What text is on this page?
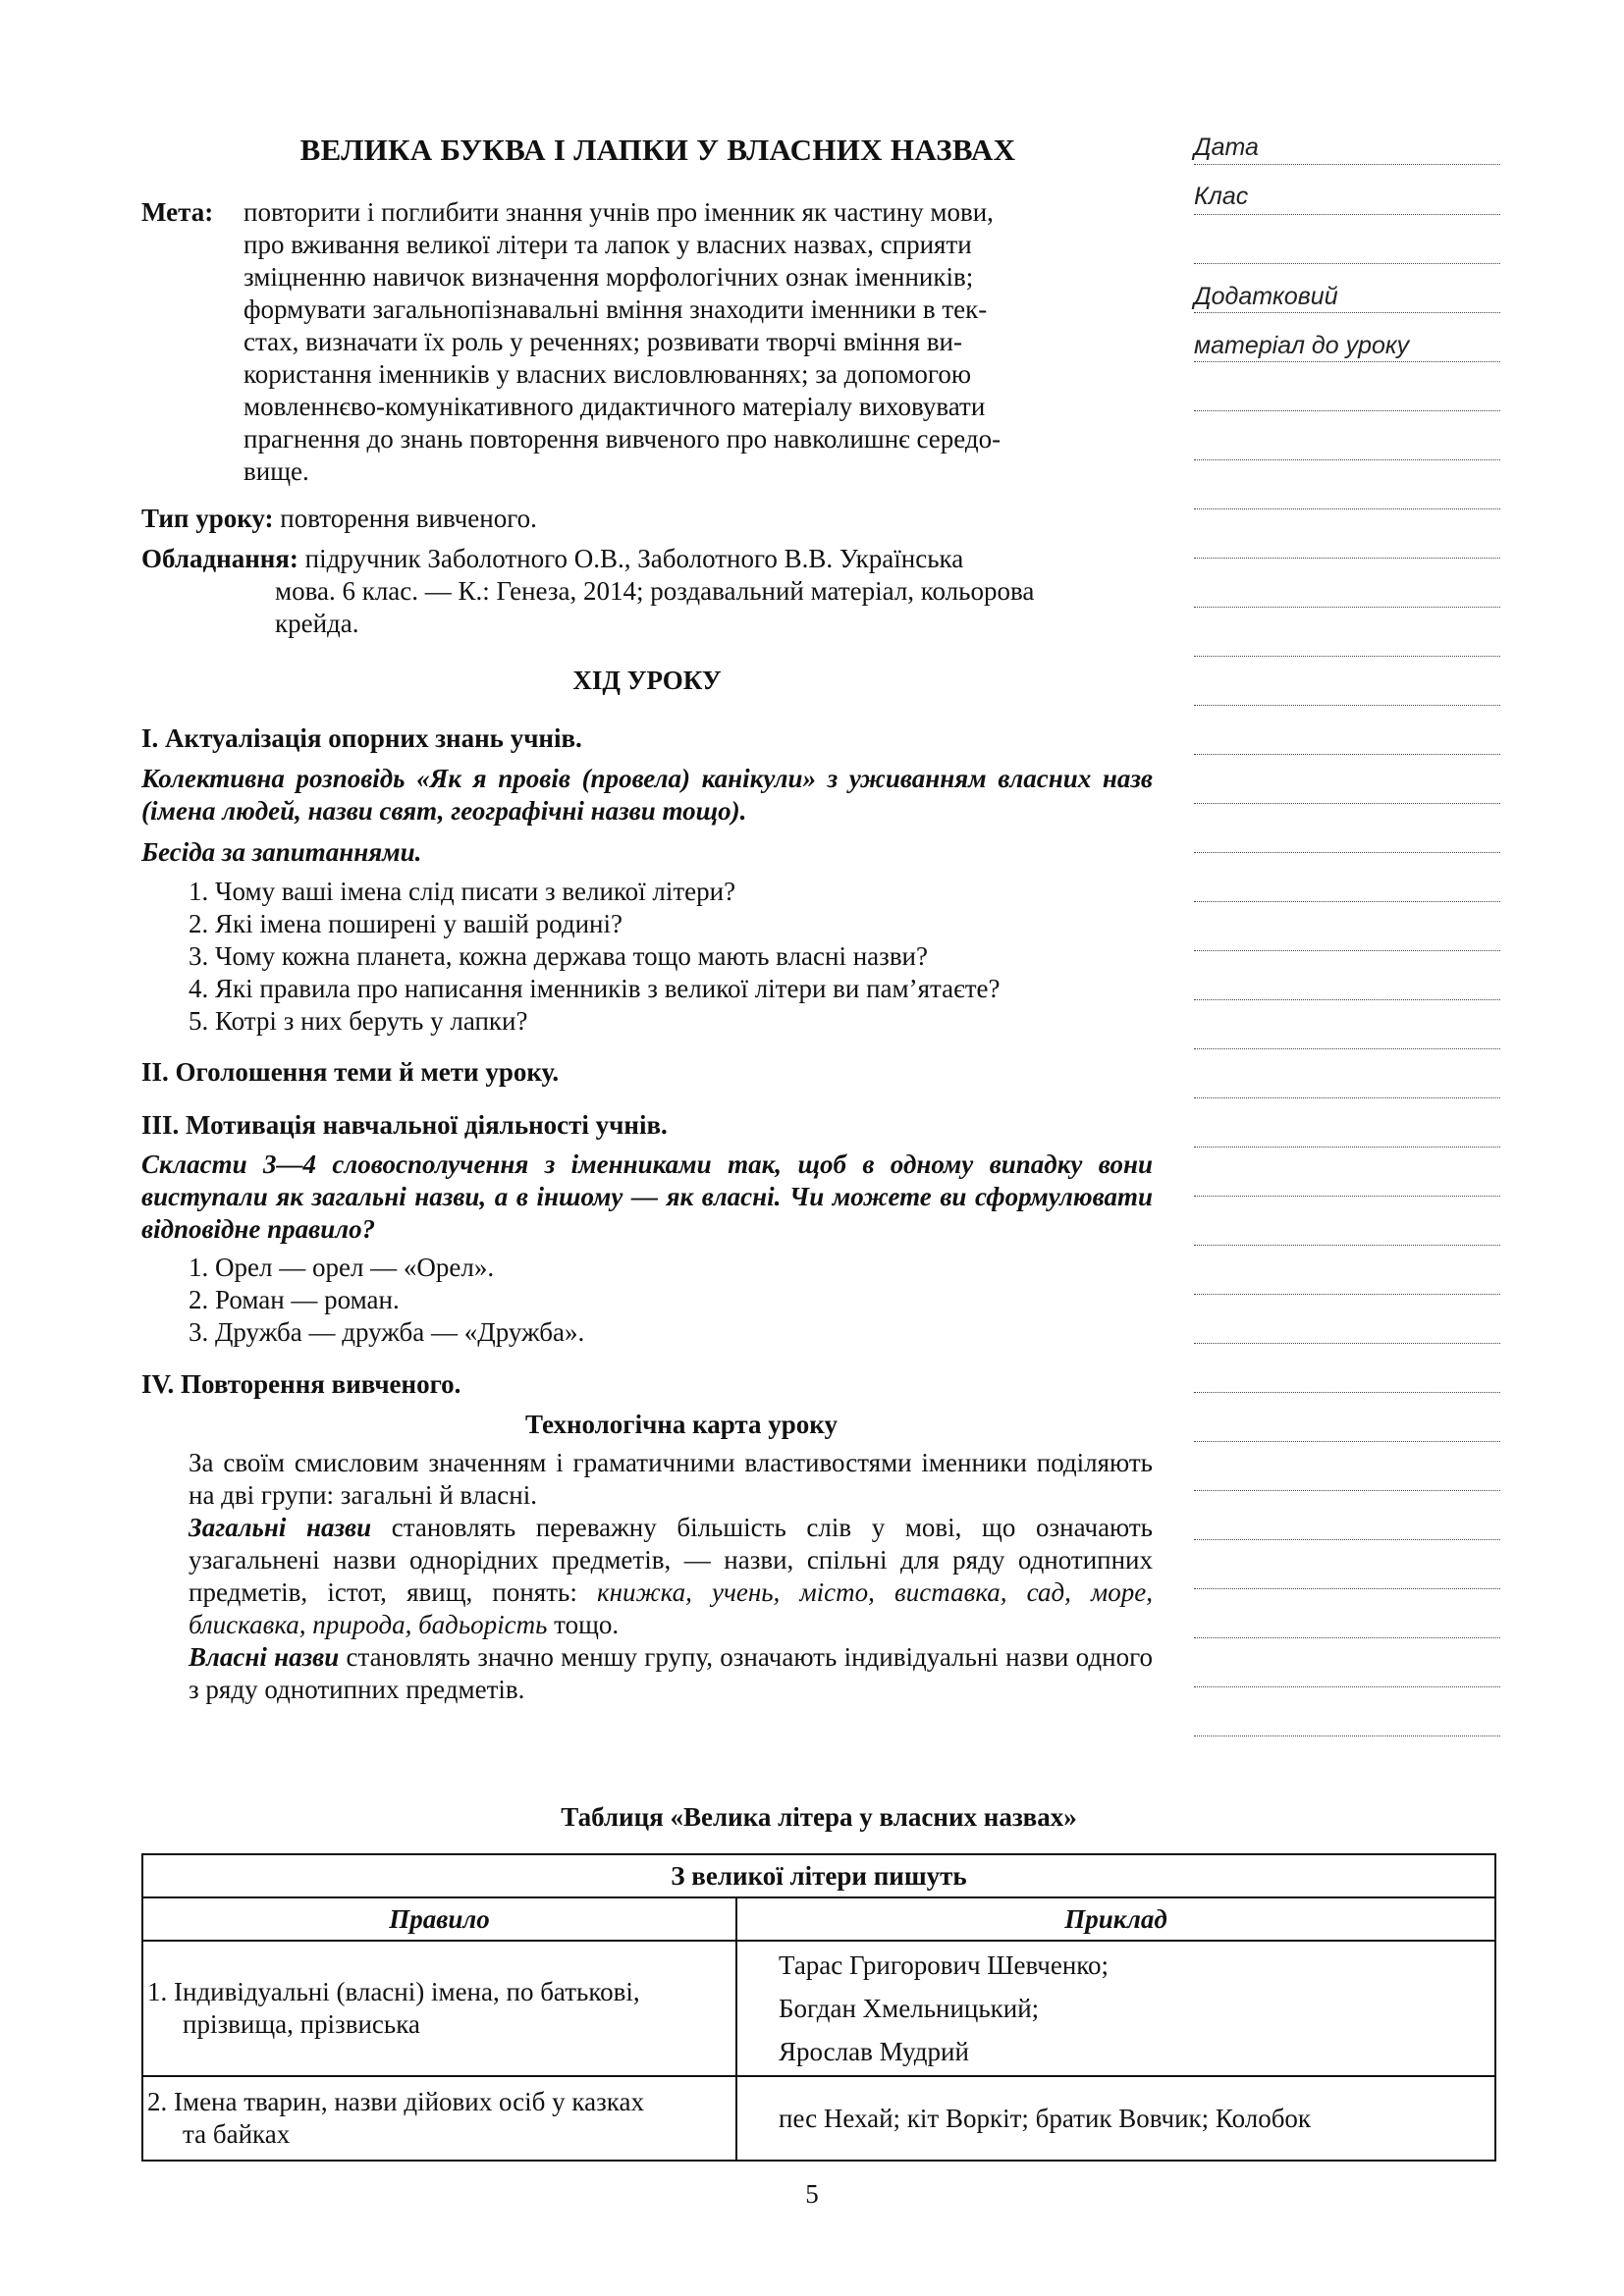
ВЕЛИКА БУКВА І ЛАПКИ У ВЛАСНИХ НАЗВАХ
Мета: повторити і поглибити знання учнів про іменник як частину мови,

про вживання великої літери та лапок у власних назвах, сприяти

зміцненню навичок визначення морфологічних ознак іменників;

формувати загальнопізнавальні вміння знаходити іменники в тек-

стах, визначати їх роль у реченнях; розвивати творчі вміння ви-

користання іменників у власних висловлюваннях; за допомогою

мовленнєво-комунікативного дидактичного матеріалу виховувати

прагнення до знань повторення вивченого про навколишнє середо-

вище.

Тип уроку: повторення вивченого.
Обладнання: підручник Заболотного О.В., Заболотного В.В. Українська
мова. 6 клас. — К.: Генеза, 2014; роздавальний матеріал, кольорова
крейда.
ХІД УРОКУ
I. Актуалізація опорних знань учнів.
Колективна розповідь «Як я провів (провела) канікули» з уживанням власних назв (імена людей, назви свят, географічні назви тощо).
Бесіда за запитаннями.
1. Чому ваші імена слід писати з великої літери?
2. Які імена поширені у вашій родині?
3. Чому кожна планета, кожна держава тощо мають власні назви?
4. Які правила про написання іменників з великої літери ви пам’ятаєте?
5. Котрі з них беруть у лапки?
II. Оголошення теми й мети уроку.
III. Мотивація навчальної діяльності учнів.
Скласти 3—4 словосполучення з іменниками так, щоб в одному випадку вони виступали як загальні назви, а в іншому — як власні. Чи можете ви сформулювати відповідне правило?
1. Орел — орел — «Орел».
2. Роман — роман.
3. Дружба — дружба — «Дружба».
IV. Повторення вивченого.
Технологічна карта уроку

За своїм смисловим значенням і граматичними властивостями іменники поділяють на дві групи: загальні й власні.

Загальні назви становлять переважну більшість слів у мові, що означають узагальнені назви однорідних предметів, — назви, спільні для ряду однотипних предметів, істот, явищ, понять: книжка, учень, місто, виставка, сад, море, блискавка, природа, бадьорість тощо.

Власні назви становлять значно меншу групу, означають індивідуальні назви одного з ряду однотипних предметів.

Дата
Клас
Додатковий
матеріал до уроку
Таблиця «Велика літера у власних назвах»
З великої літери пишуть	
Правило	Приклад

1. Індивідуальні (власні) імена, по батькові,
прізвища, прізвиська	Тарас Григорович Шевченко;
Богдан Хмельницький;
Ярослав Мудрий

2. Імена тварин, назви дійових осіб у казках
та байках	пес Нехай; кіт Воркіт; братик Вовчик; Колобок
5
